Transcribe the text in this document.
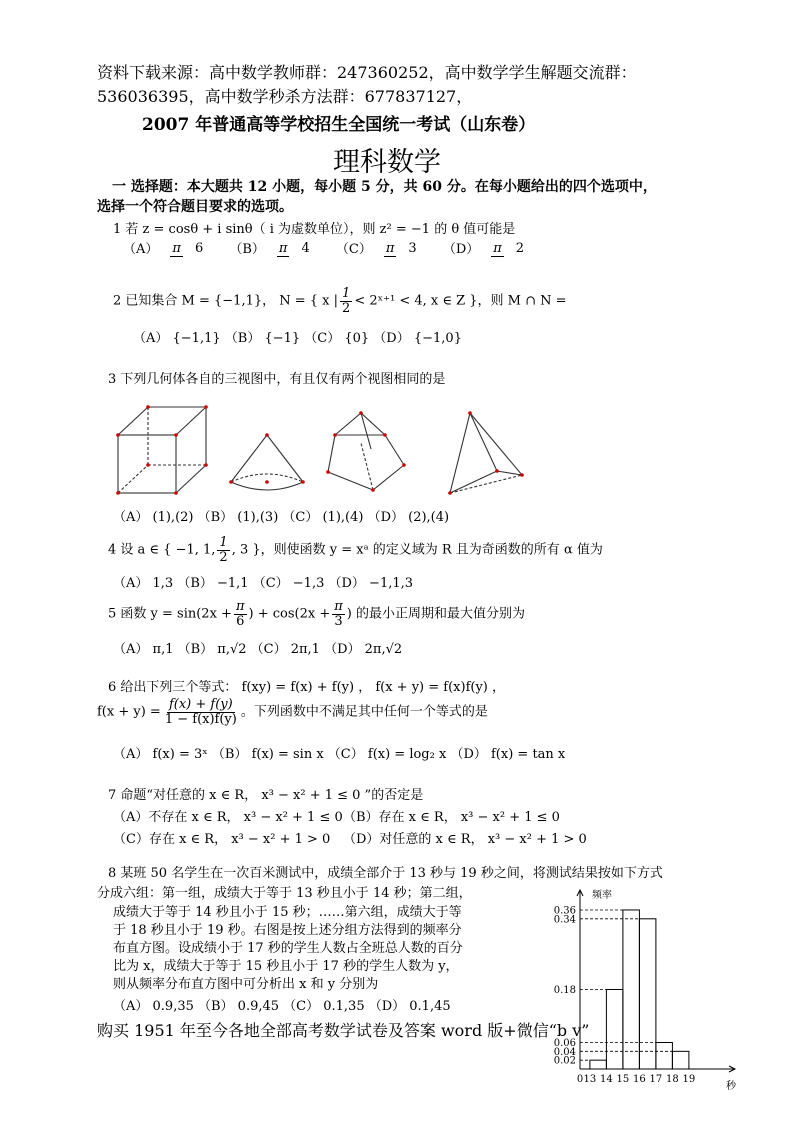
资料下载来源：高中数学教师群：247360252，高中数学学生解题交流群：
536036395，高中数学秒杀方法群：677837127，
2007 年普通高等学校招生全国统一考试（山东卷）
理科数学
一 选择题：本大题共 12 小题，每小题 5 分，共 60 分。在每小题给出的四个选项中，
选择一个符合题目要求的选项。
1 若 z = cosθ + i sinθ（ i 为虚数单位），则 z² = −1 的 θ 值可能是
（A） π 6 （B） π 4 （C） π 3 （D） π 2
2 已知集合 M = {−1,1}， N = { x | $\frac{1}{2}$ < 2ˣ⁺¹ < 4, x ∈ Z }，则 M ∩ N =
（A） {−1,1} （B） {−1} （C） {0} （D） {−1,0}
3 下列几何体各自的三视图中，有且仅有两个视图相同的是
（A） (1),(2) （B） (1),(3) （C） (1),(4) （D） (2),(4)
4 设 a ∈ { −1, 1, $\frac{1}{2}$ , 3 }，则使函数 y = xᵃ 的定义域为 R 且为奇函数的所有 α 值为
（A） 1,3 （B） −1,1 （C） −1,3 （D） −1,1,3
5 函数 $y = \sin(2x + \frac{\pi}{6}$ ) + $\cos(2x + \frac{\pi}{3}$ ) 的最小正周期和最大值分别为
（A） π,1 （B） π,√2 （C） 2π,1 （D） 2π,√2
6 给出下列三个等式： f(xy) = f(x) + f(y) ， f(x + y) = f(x)f(y) ，
$f(x + y) = \frac{f(x) + f(y)}{1 - f(x)f(y)}$ 。下列函数中不满足其中任何一个等式的是
（A） f(x) = 3ˣ （B） f(x) = sin x （C） f(x) = log₂ x （D） f(x) = tan x
7 命题“对任意的 x ∈ R， x³ − x² + 1 ≤ 0 ”的否定是
（A）不存在 x ∈ R， x³ − x² + 1 ≤ 0 （B）存在 x ∈ R， x³ − x² + 1 ≤ 0
（C）存在 x ∈ R， x³ − x² + 1 > 0 （D）对任意的 x ∈ R， x³ − x² + 1 > 0
8 某班 50 名学生在一次百米测试中，成绩全部介于 13 秒与 19 秒之间，将测试结果按如下方式
分成六组：第一组，成绩大于等于 13 秒且小于 14 秒；第二组，
成绩大于等于 14 秒且小于 15 秒；……第六组，成绩大于等
于 18 秒且小于 19 秒。右图是按上述分组方法得到的频率分
布直方图。设成绩小于 17 秒的学生人数占全班总人数的百分
比为 x，成绩大于等于 15 秒且小于 17 秒的学生人数为 y，
则从频率分布直方图中可分析出 x 和 y 分别为
（A） 0.9,35 （B） 0.9,45 （C） 0.1,35 （D） 0.1,45
0.02
0.04
0.06
0.18
0.34
0.36
0 13 14 15 16 17 18 19
频率
秒
购买 1951 年至今各地全部高考数学试卷及答案 word 版+微信“b v”
